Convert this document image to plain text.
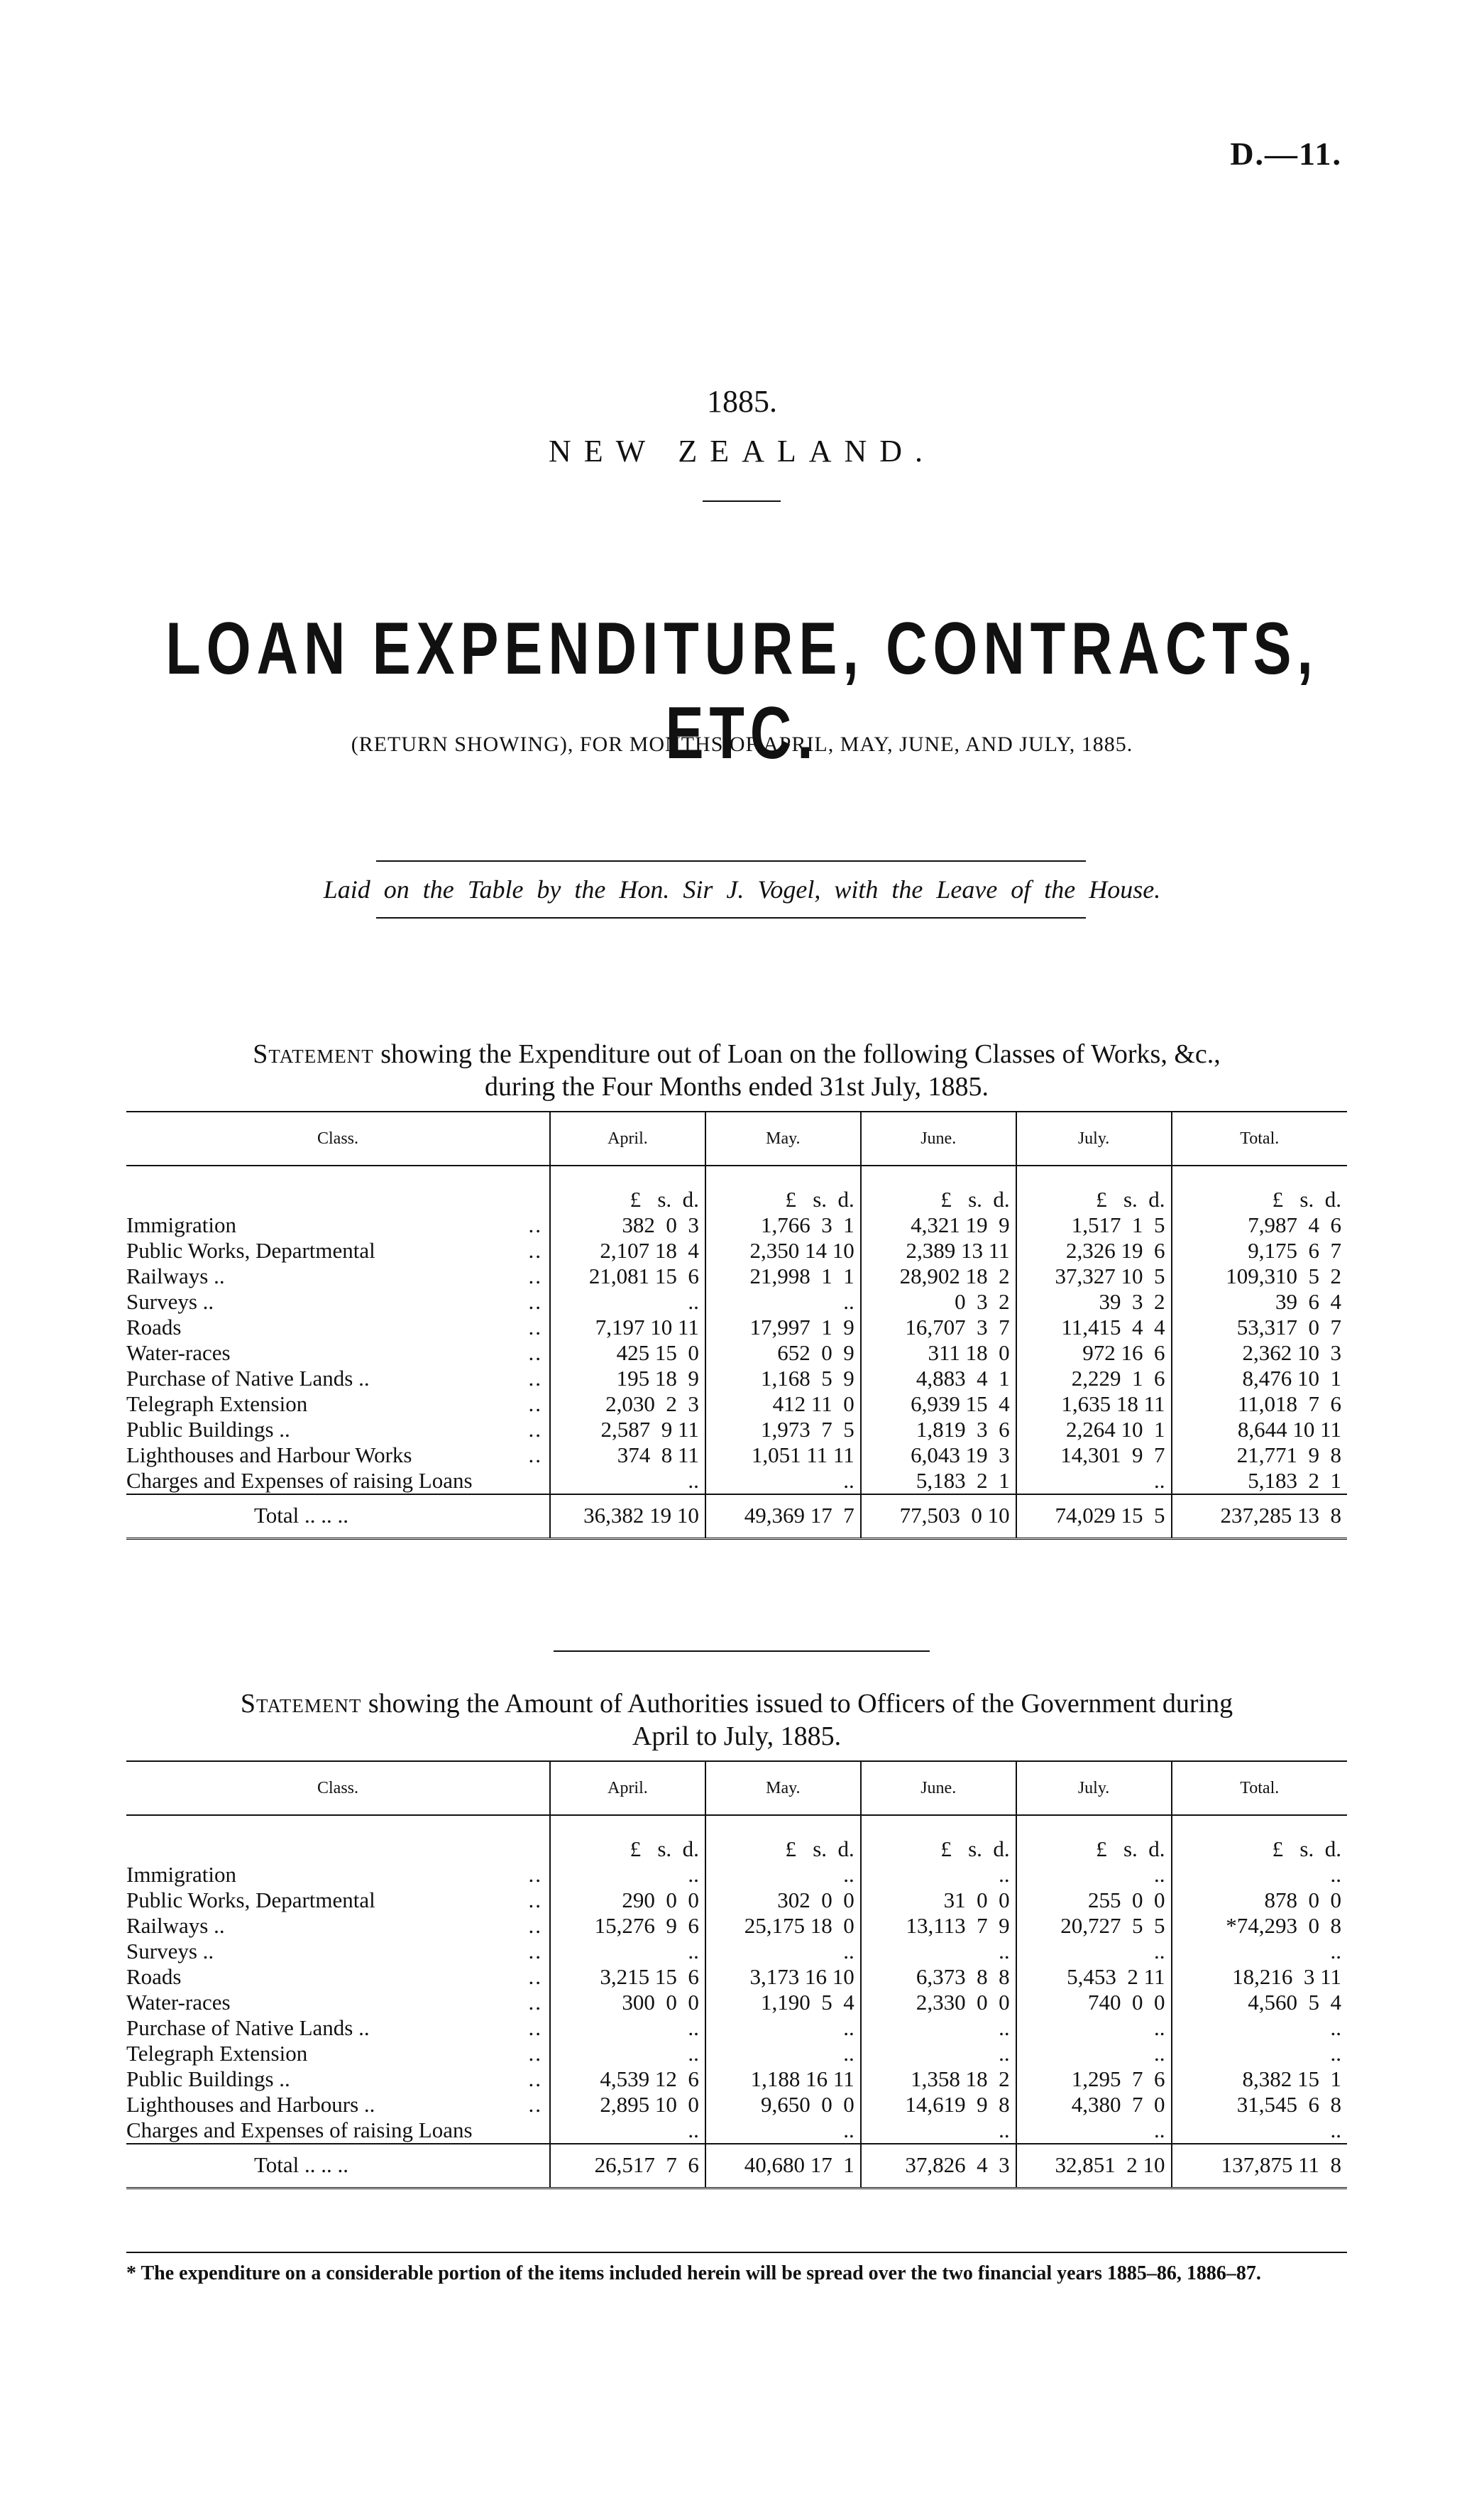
D.—11.
1885.
NEW ZEALAND.
LOAN EXPENDITURE, CONTRACTS, ETC.
(RETURN SHOWING), FOR MONTHS OF APRIL, MAY, JUNE, AND JULY, 1885.
Laid on the Table by the Hon. Sir J. Vogel, with the Leave of the House.
Statement showing the Expenditure out of Loan on the following Classes of Works, &c.,
during the Four Months ended 31st July, 1885.
Class.		April.	May.	June.	July.	Total.
		£   s.  d.	£   s.  d.	£   s.  d.	£   s.  d.	£   s.  d.
Immigration	..	382  0  3	1,766  3  1	4,321 19  9	1,517  1  5	7,987  4  6
Public Works, Departmental	..	2,107 18  4	2,350 14 10	2,389 13 11	2,326 19  6	9,175  6  7
Railways ..	..	21,081 15  6	21,998  1  1	28,902 18  2	37,327 10  5	109,310  5  2
Surveys ..	..	..	..	0  3  2	39  3  2	39  6  4
Roads	..	7,197 10 11	17,997  1  9	16,707  3  7	11,415  4  4	53,317  0  7
Water-races	..	425 15  0	652  0  9	311 18  0	972 16  6	2,362 10  3
Purchase of Native Lands ..	..	195 18  9	1,168  5  9	4,883  4  1	2,229  1  6	8,476 10  1
Telegraph Extension	..	2,030  2  3	412 11  0	6,939 15  4	1,635 18 11	11,018  7  6
Public Buildings ..	..	2,587  9 11	1,973  7  5	1,819  3  6	2,264 10  1	8,644 10 11
Lighthouses and Harbour Works	..	374  8 11	1,051 11 11	6,043 19  3	14,301  9  7	21,771  9  8
Charges and Expenses of raising Loans		..	..	5,183  2  1	..	5,183  2  1
Total .. .. ..		36,382 19 10	49,369 17  7	77,503  0 10	74,029 15  5	237,285 13  8
Statement showing the Amount of Authorities issued to Officers of the Government during
April to July, 1885.
Class.		April.	May.	June.	July.	Total.
		£   s.  d.	£   s.  d.	£   s.  d.	£   s.  d.	£   s.  d.
Immigration	..	..	..	..	..	..
Public Works, Departmental	..	290  0  0	302  0  0	31  0  0	255  0  0	878  0  0
Railways ..	..	15,276  9  6	25,175 18  0	13,113  7  9	20,727  5  5	*74,293  0  8
Surveys ..	..	..	..	..	..	..
Roads	..	3,215 15  6	3,173 16 10	6,373  8  8	5,453  2 11	18,216  3 11
Water-races	..	300  0  0	1,190  5  4	2,330  0  0	740  0  0	4,560  5  4
Purchase of Native Lands ..	..	..	..	..	..	..
Telegraph Extension	..	..	..	..	..	..
Public Buildings ..	..	4,539 12  6	1,188 16 11	1,358 18  2	1,295  7  6	8,382 15  1
Lighthouses and Harbours ..	..	2,895 10  0	9,650  0  0	14,619  9  8	4,380  7  0	31,545  6  8
Charges and Expenses of raising Loans		..	..	..	..	..
Total .. .. ..		26,517  7  6	40,680 17  1	37,826  4  3	32,851  2 10	137,875 11  8
* The expenditure on a considerable portion of the items included herein will be spread over the two financial years 1885–86, 1886–87.
